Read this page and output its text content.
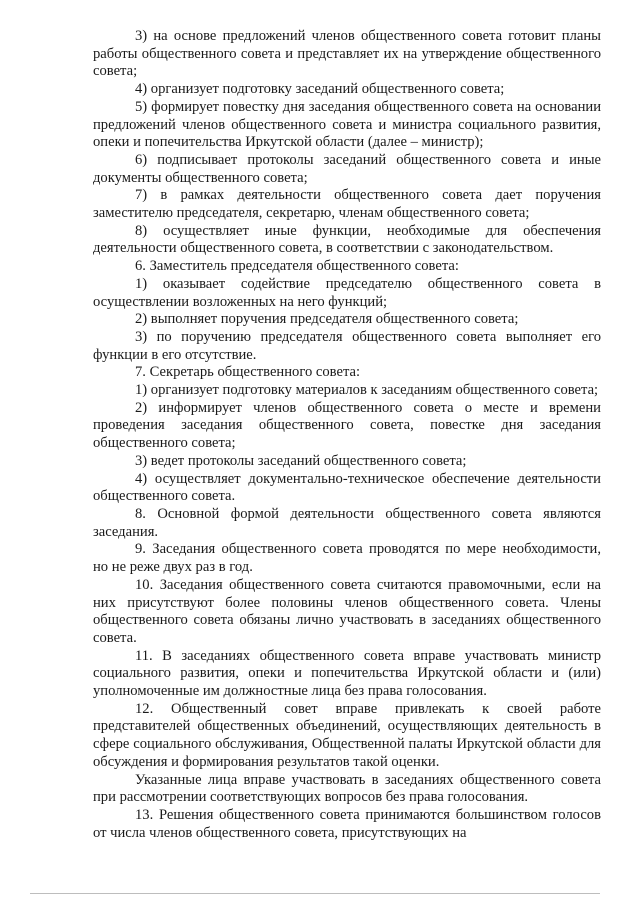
3) на основе предложений членов общественного совета готовит планы работы общественного совета и представляет их на утверждение общественного совета;

4) организует подготовку заседаний общественного совета;

5) формирует повестку дня заседания общественного совета на основании предложений членов общественного совета и министра социального развития, опеки и попечительства Иркутской области (далее – министр);

6) подписывает протоколы заседаний общественного совета и иные документы общественного совета;

7) в рамках деятельности общественного совета дает поручения заместителю председателя, секретарю, членам общественного совета;

8) осуществляет иные функции, необходимые для обеспечения деятельности общественного совета, в соответствии с законодательством.

6. Заместитель председателя общественного совета:

1) оказывает содействие председателю общественного совета в осуществлении возложенных на него функций;

2) выполняет поручения председателя общественного совета;

3) по поручению председателя общественного совета выполняет его функции в его отсутствие.

7. Секретарь общественного совета:

1) организует подготовку материалов к заседаниям общественного совета;

2) информирует членов общественного совета о месте и времени проведения заседания общественного совета, повестке дня заседания общественного совета;

3) ведет протоколы заседаний общественного совета;

4) осуществляет документально-техническое обеспечение деятельности общественного совета.

8. Основной формой деятельности общественного совета являются заседания.

9. Заседания общественного совета проводятся по мере необходимости, но не реже двух раз в год.

10. Заседания общественного совета считаются правомочными, если на них присутствуют более половины членов общественного совета. Члены общественного совета обязаны лично участвовать в заседаниях общественного совета.

11. В заседаниях общественного совета вправе участвовать министр социального развития, опеки и попечительства Иркутской области и (или) уполномоченные им должностные лица без права голосования.

12. Общественный совет вправе привлекать к своей работе представителей общественных объединений, осуществляющих деятельность в сфере социального обслуживания, Общественной палаты Иркутской области для обсуждения и формирования результатов такой оценки.

Указанные лица вправе участвовать в заседаниях общественного совета при рассмотрении соответствующих вопросов без права голосования.

13. Решения общественного совета принимаются большинством голосов от числа членов общественного совета, присутствующих на
